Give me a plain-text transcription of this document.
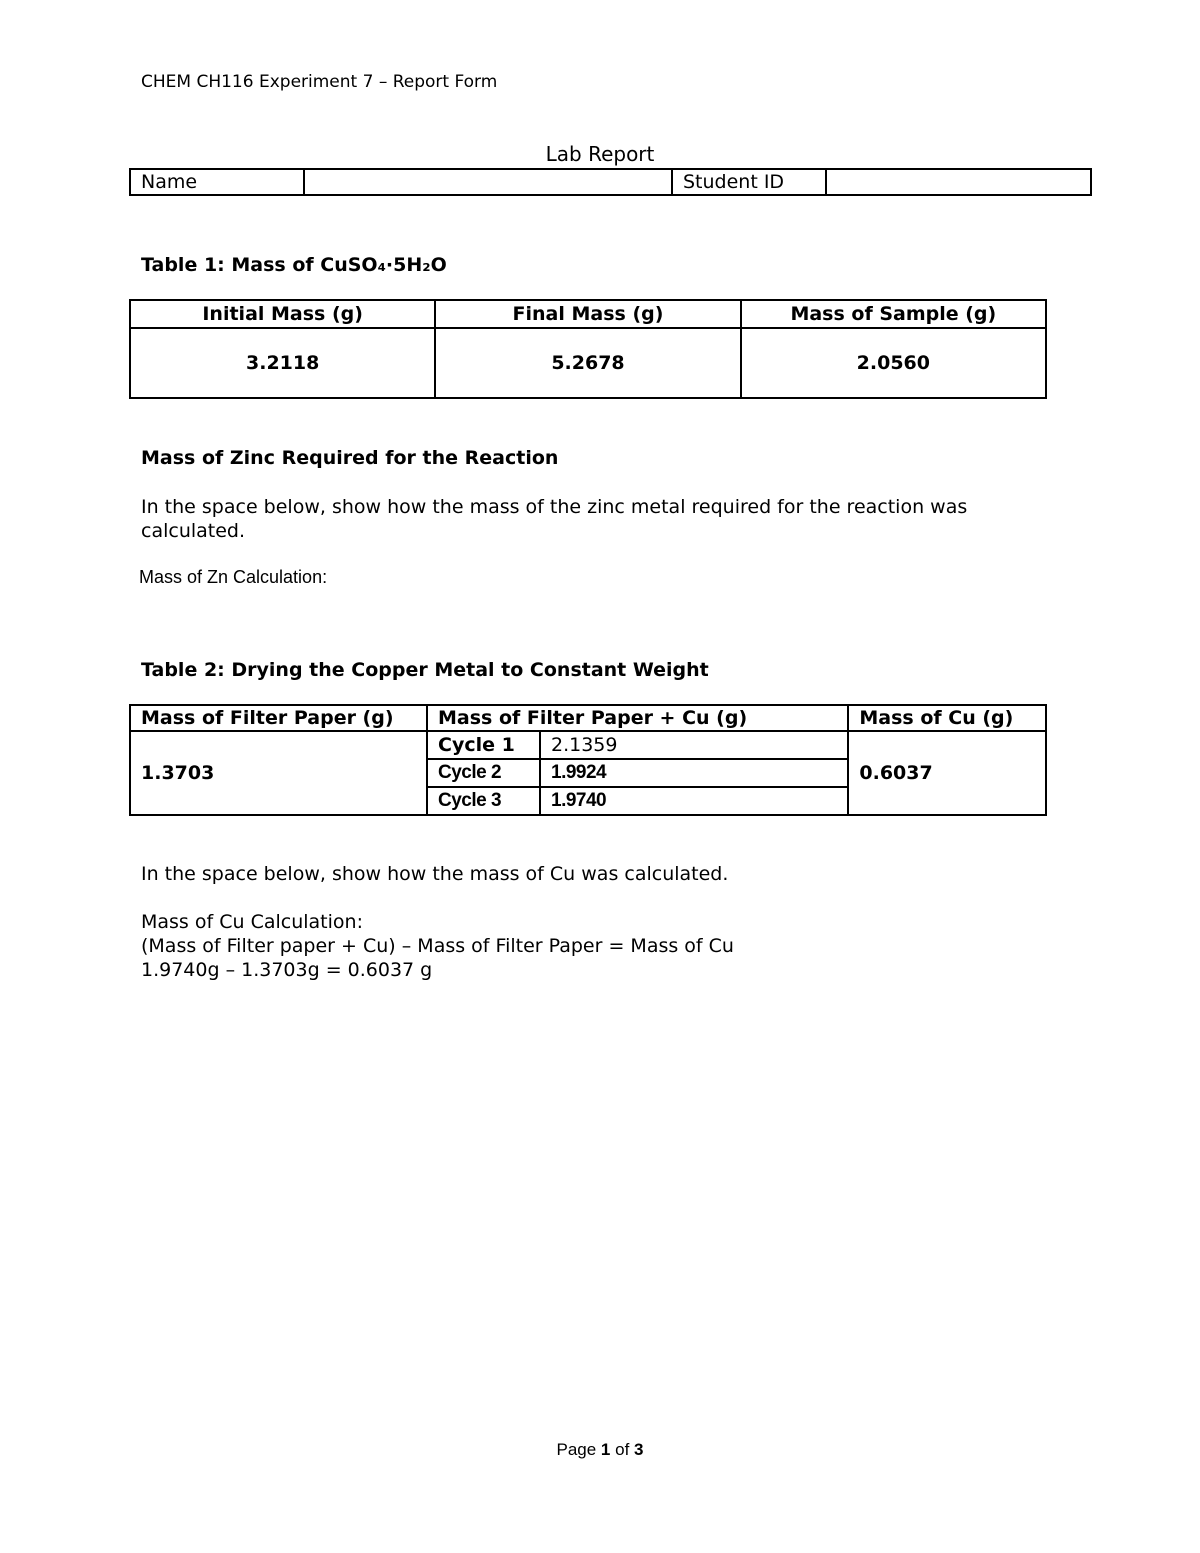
CHEM CH116 Experiment 7 – Report Form
Lab Report
Name		Student ID	
Table 1: Mass of CuSO₄·5H₂O
Initial Mass (g)	Final Mass (g)	Mass of Sample (g)
3.2118	5.2678	2.0560
Mass of Zinc Required for the Reaction
In the space below, show how the mass of the zinc metal required for the reaction was calculated.
Mass of Zn Calculation:
Table 2: Drying the Copper Metal to Constant Weight
Mass of Filter Paper (g)	Mass of Filter Paper + Cu (g)		Mass of Cu (g)
1.3703	Cycle 1	2.1359	0.6037
	Cycle 2	1.9924	
	Cycle 3	1.9740	
In the space below, show how the mass of Cu was calculated.
Mass of Cu Calculation:
(Mass of Filter paper + Cu) – Mass of Filter Paper = Mass of Cu
1.9740g – 1.3703g = 0.6037 g
Page 1 of 3
